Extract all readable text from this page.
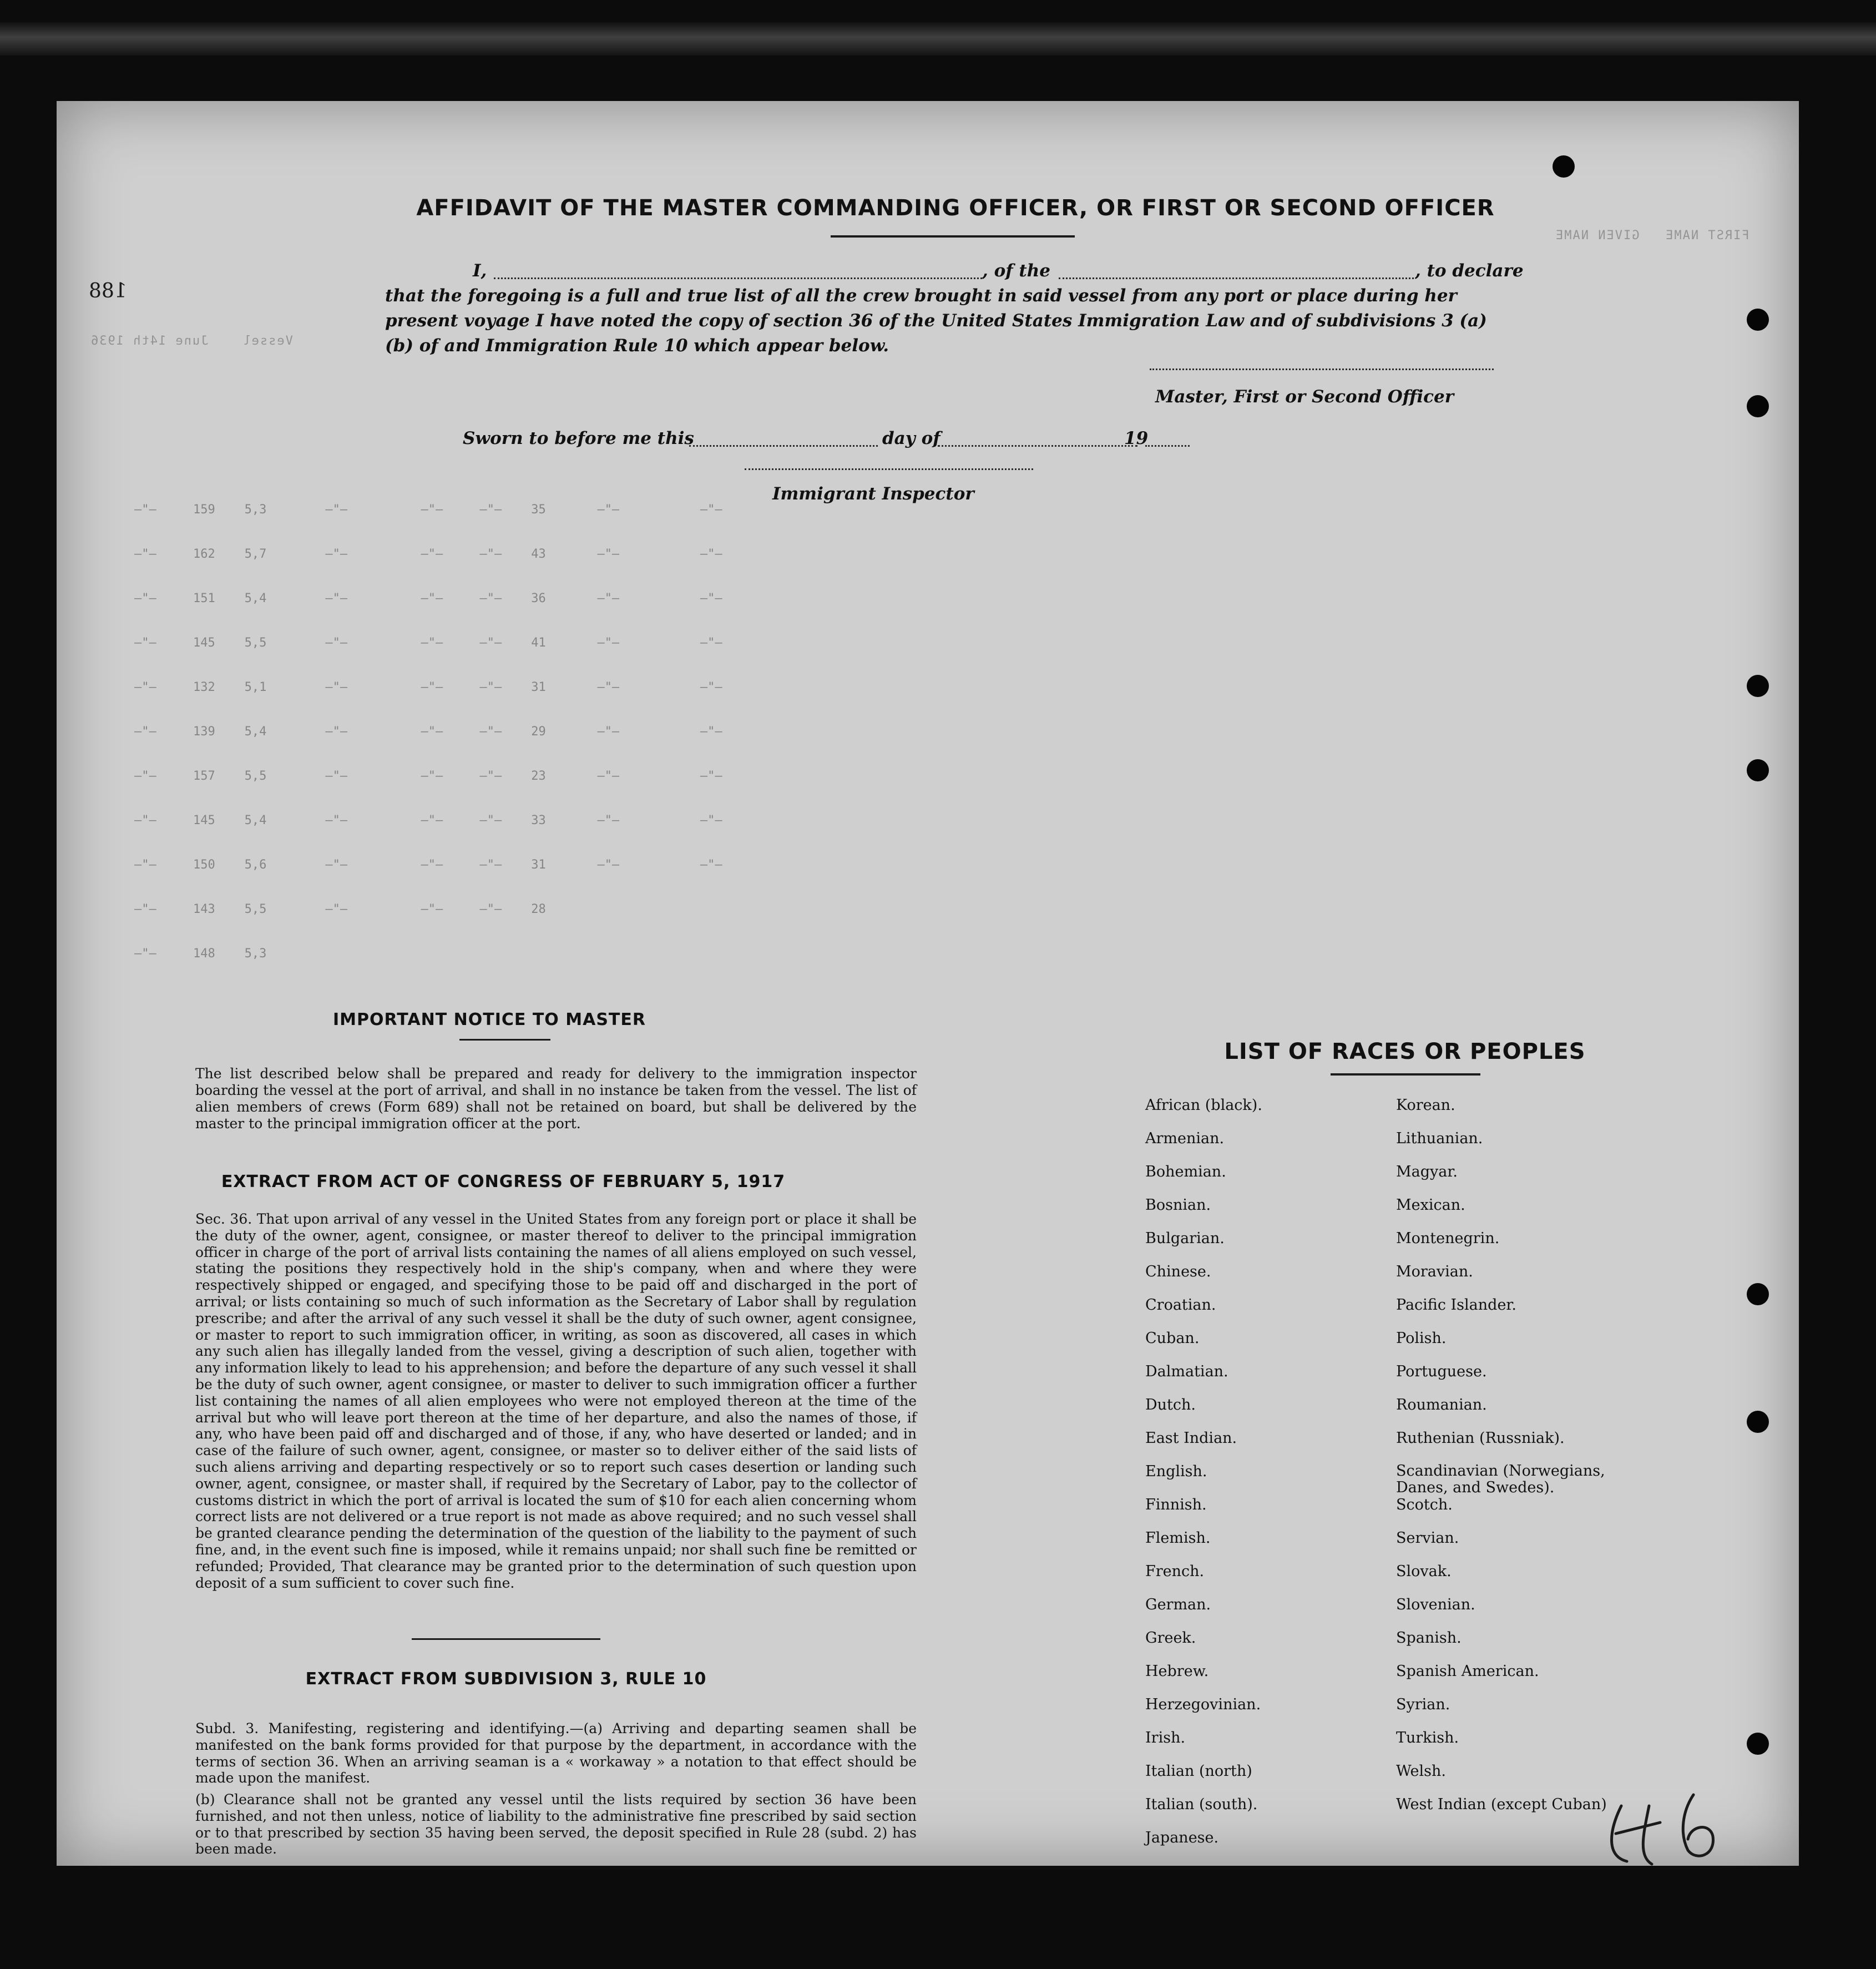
FIRST NAME   GIVEN NAME
Vessel    June 14th 1936
–"–     159    5,3        –"–          –"–     –"–    35       –"–           –"–
–"–     162    5,7        –"–          –"–     –"–    43       –"–           –"–
–"–     151    5,4        –"–          –"–     –"–    36       –"–           –"–
–"–     145    5,5        –"–          –"–     –"–    41       –"–           –"–
–"–     132    5,1        –"–          –"–     –"–    31       –"–           –"–
–"–     139    5,4        –"–          –"–     –"–    29       –"–           –"–
–"–     157    5,5        –"–          –"–     –"–    23       –"–           –"–
–"–     145    5,4        –"–          –"–     –"–    33       –"–           –"–
–"–     150    5,6        –"–          –"–     –"–    31       –"–           –"–
–"–     143    5,5        –"–          –"–     –"–    28
–"–     148    5,3
188
AFFIDAVIT OF THE MASTER COMMANDING OFFICER, OR FIRST OR SECOND OFFICER
I,	, of the	, to declare
that the foregoing is a full and true list of all the crew brought in said vessel from any port or place during her
present voyage I have noted the copy of section 36 of the United States Immigration Law and of subdivisions 3 (a)
(b) of and Immigration Rule 10 which appear below.
Master, First or Second Officer
Sworn to before me this	day of	19
Immigrant Inspector
IMPORTANT NOTICE TO MASTER
The list described below shall be prepared and ready for delivery to the immigration inspector boarding the vessel at the port of arrival, and shall in no instance be taken from the vessel. The list of alien members of crews (Form 689) shall not be retained on board, but shall be delivered by the master to the principal immigration officer at the port.
EXTRACT FROM ACT OF CONGRESS OF FEBRUARY 5, 1917
Sec. 36. That upon arrival of any vessel in the United States from any foreign port or place it shall be the duty of the owner, agent, consignee, or master thereof to deliver to the principal immigration officer in charge of the port of arrival lists containing the names of all aliens employed on such vessel, stating the positions they respectively hold in the ship's company, when and where they were respectively shipped or engaged, and specifying those to be paid off and discharged in the port of arrival; or lists containing so much of such information as the Secretary of Labor shall by regulation prescribe; and after the arrival of any such vessel it shall be the duty of such owner, agent consignee, or master to report to such immigration officer, in writing, as soon as discovered, all cases in which any such alien has illegally landed from the vessel, giving a description of such alien, together with any information likely to lead to his apprehension; and before the departure of any such vessel it shall be the duty of such owner, agent consignee, or master to deliver to such immigration officer a further list containing the names of all alien employees who were not employed thereon at the time of the arrival but who will leave port thereon at the time of her departure, and also the names of those, if any, who have been paid off and discharged and of those, if any, who have deserted or landed; and in case of the failure of such owner, agent, consignee, or master so to deliver either of the said lists of such aliens arriving and departing respectively or so to report such cases desertion or landing such owner, agent, consignee, or master shall, if required by the Secretary of Labor, pay to the collector of customs district in which the port of arrival is located the sum of $10 for each alien concerning whom correct lists are not delivered or a true report is not made as above required; and no such vessel shall be granted clearance pending the determination of the question of the liability to the payment of such fine, and, in the event such fine is imposed, while it remains unpaid; nor shall such fine be remitted or refunded; Provided, That clearance may be granted prior to the determination of such question upon deposit of a sum sufficient to cover such fine.
EXTRACT FROM SUBDIVISION 3, RULE 10
Subd. 3. Manifesting, registering and identifying.—(a) Arriving and departing seamen shall be manifested on the bank forms provided for that purpose by the department, in accordance with the terms of section 36. When an arriving seaman is a « workaway » a notation to that effect should be made upon the manifest.
(b) Clearance shall not be granted any vessel until the lists required by section 36 have been furnished, and not then unless, notice of liability to the administrative fine prescribed by said section or to that prescribed by section 35 having been served, the deposit specified in Rule 28 (subd. 2) has been made.
LIST OF RACES OR PEOPLES
African (black).
Armenian.
Bohemian.
Bosnian.
Bulgarian.
Chinese.
Croatian.
Cuban.
Dalmatian.
Dutch.
East Indian.
English.
Finnish.
Flemish.
French.
German.
Greek.
Hebrew.
Herzegovinian.
Irish.
Italian (north)
Italian (south).
Japanese.
Korean.
Lithuanian.
Magyar.
Mexican.
Montenegrin.
Moravian.
Pacific Islander.
Polish.
Portuguese.
Roumanian.
Ruthenian (Russniak).
Scandinavian (Norwegians, Danes, and Swedes).
Scotch.
Servian.
Slovak.
Slovenian.
Spanish.
Spanish American.
Syrian.
Turkish.
Welsh.
West Indian (except Cuban)
